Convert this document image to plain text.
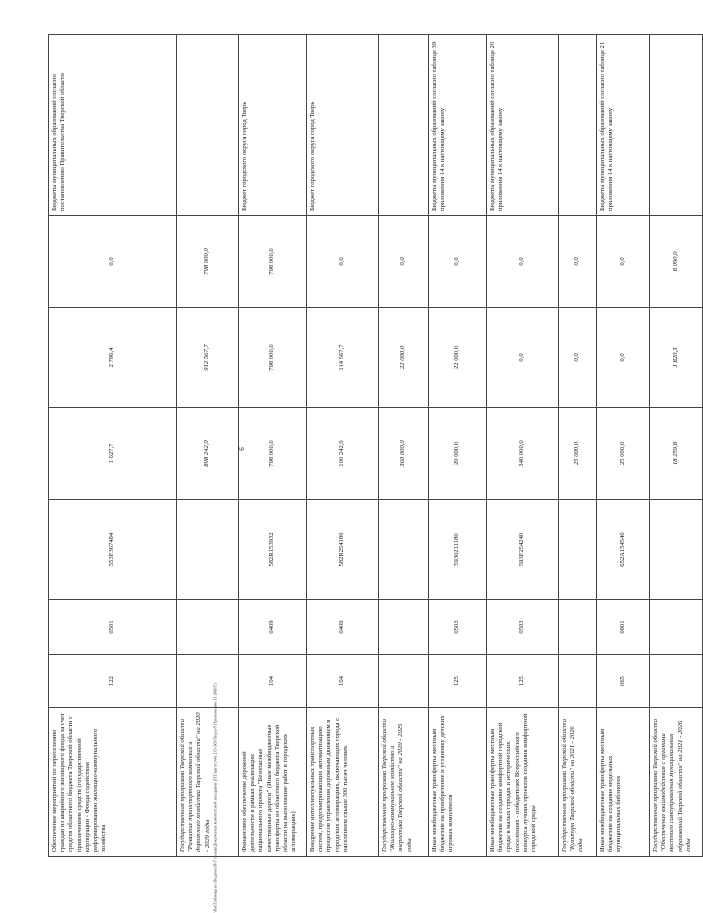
6
Обеспечение мероприятий по переселению граждан из аварийного жилищного фонда за счет средств областного бюджета Тверской области с привлечением средств (государственной корпорации - Фонда содействия реформированию жилищно-коммунального хозяйства	122	0501	553F367484	1 027,7	2 786,4	0,0	Бюджеты муниципальных образований согласно постановлению Правительства Тверской области
Государственная программа Тверской области "Развитие транспортного комплекса и дорожного хозяйства Тверской области" на 2020 - 2029 годы				898 242,0	912 567,7	798 000,0	
Финансовое обеспечение дорожной деятельности в рамках реализации национального проекта "Безопасные качественные дороги" (Иные межбюджетные трансферты из областного бюджета Тверской области на выполнение работ в городских агломерациях)	104	0409	582R153932	798 000,0	798 000,0	798 000,0	Бюджет городского округа город Тверь
Внедрение интеллектуальных транспортных систем, предусматривающих автоматизацию процессов управления дорожным движением в городских агломерациях, включающих города с населением свыше 300 тысяч человек	104	0409	582R254180	100 242,0	114 567,7	0,0	Бюджет городского округа город Тверь
Государственная программа Тверской области "Жилищно-коммунальное хозяйство и энергетика Тверской области" на 2020 - 2025 годы				360 000,0	22 000,0	0,0	
Иные межбюджетные трансферты местным бюджетам на приобретение и установку детских игровых комплексов	125	0503	5930211180	20 000,0	22 000,0	0,0	Бюджеты муниципальных образований согласно таблице 39 приложения 14 к настоящему закону
Иные межбюджетные трансферты местным бюджетам на создание комфортной городской среды в малых городах и исторических поселениях - победителях Всероссийского конкурса лучших проектов создания комфортной городской среды	125	0503	593F254240	340 000,0	0,0	0,0	Бюджеты муниципальных образований согласно таблице 20 приложения 14 к настоящему закону
Государственная программа Тверской области "Культура Тверской области" на 2021 - 2026 годы				25 000,0	0,0	0,0	
Иные межбюджетные трансферты местным бюджетам на создание модельных муниципальных библиотек	065	0801	652A154540	25 000,0	0,0	0,0	Бюджеты муниципальных образований согласно таблице 21 приложения 14 к настоящему закону
Государственная программа Тверской области "Обеспечение взаимодействия с органами местного самоуправления муниципальных образований Тверской области" на 2021 - 2026 годы				18 259,8	1 820,3	8 090,0	
\Pat\Таблица по ВедомстВ\7 созыв\Документы комитетов\4 заседание (ПТ\август\4) 235-ЗО\Тверь 8 Приложение 11 (МБТ)
